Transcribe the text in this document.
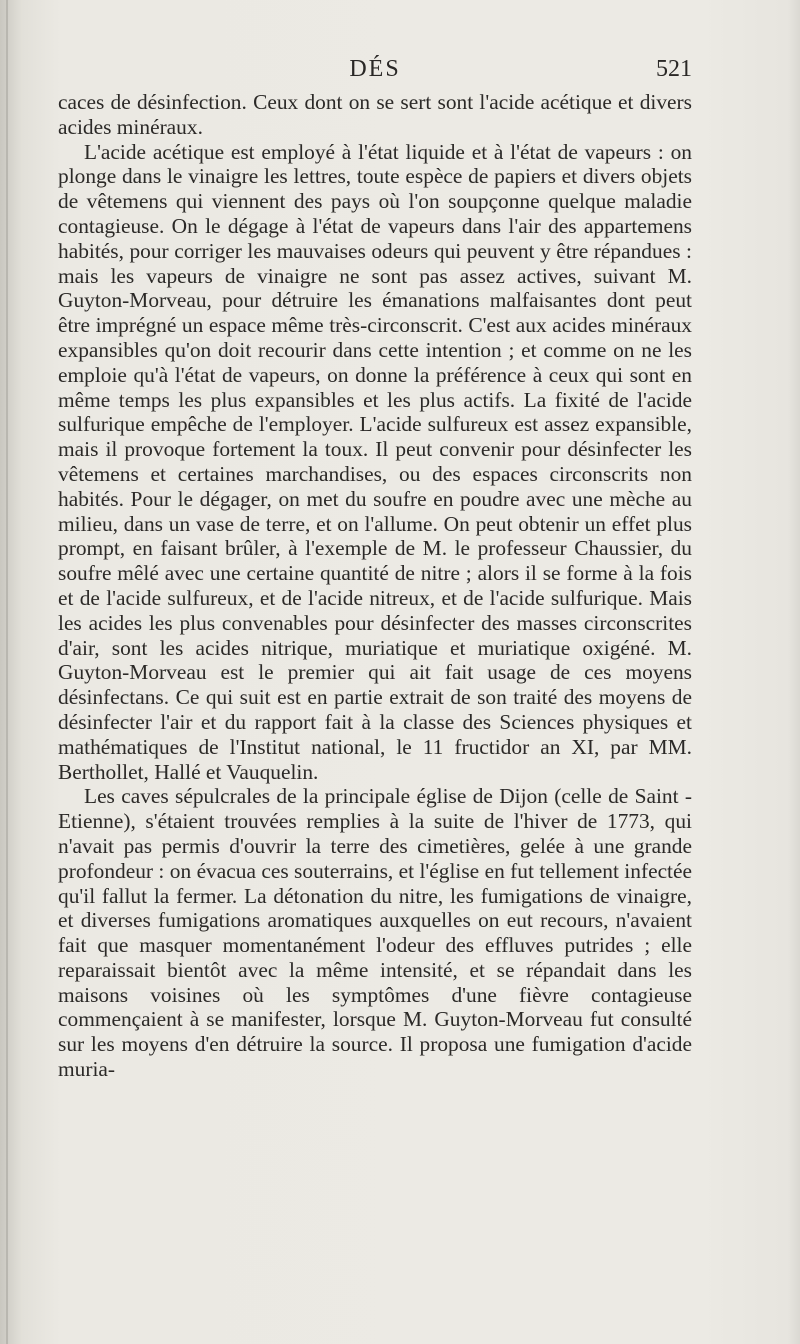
DÉS	521

caces de désinfection. Ceux dont on se sert sont l'acide acétique et divers acides minéraux.

L'acide acétique est employé à l'état liquide et à l'état de vapeurs : on plonge dans le vinaigre les lettres, toute espèce de papiers et divers objets de vêtemens qui viennent des pays où l'on soupçonne quelque maladie contagieuse. On le dégage à l'état de vapeurs dans l'air des appartemens habités, pour corriger les mauvaises odeurs qui peuvent y être répandues : mais les vapeurs de vinaigre ne sont pas assez actives, suivant M. Guyton-Morveau, pour détruire les émanations malfaisantes dont peut être imprégné un espace même très-circonscrit. C'est aux acides minéraux expansibles qu'on doit recourir dans cette intention ; et comme on ne les emploie qu'à l'état de vapeurs, on donne la préférence à ceux qui sont en même temps les plus expansibles et les plus actifs. La fixité de l'acide sulfurique empêche de l'employer. L'acide sulfureux est assez expansible, mais il provoque fortement la toux. Il peut convenir pour désinfecter les vêtemens et certaines marchandises, ou des espaces circonscrits non habités. Pour le dégager, on met du soufre en poudre avec une mèche au milieu, dans un vase de terre, et on l'allume. On peut obtenir un effet plus prompt, en faisant brûler, à l'exemple de M. le professeur Chaussier, du soufre mêlé avec une certaine quantité de nitre ; alors il se forme à la fois et de l'acide sulfureux, et de l'acide nitreux, et de l'acide sulfurique. Mais les acides les plus convenables pour désinfecter des masses circonscrites d'air, sont les acides nitrique, muriatique et muriatique oxigéné. M. Guyton-Morveau est le premier qui ait fait usage de ces moyens désinfectans. Ce qui suit est en partie extrait de son traité des moyens de désinfecter l'air et du rapport fait à la classe des Sciences physiques et mathématiques de l'Institut national, le 11 fructidor an XI, par MM. Berthollet, Hallé et Vauquelin.

Les caves sépulcrales de la principale église de Dijon (celle de Saint - Etienne), s'étaient trouvées remplies à la suite de l'hiver de 1773, qui n'avait pas permis d'ouvrir la terre des cimetières, gelée à une grande profondeur : on évacua ces souterrains, et l'église en fut tellement infectée qu'il fallut la fermer. La détonation du nitre, les fumigations de vinaigre, et diverses fumigations aromatiques auxquelles on eut recours, n'avaient fait que masquer momentanément l'odeur des effluves putrides ; elle reparaissait bientôt avec la même intensité, et se répandait dans les maisons voisines où les symptômes d'une fièvre contagieuse commençaient à se manifester, lorsque M. Guyton-Morveau fut consulté sur les moyens d'en détruire la source. Il proposa une fumigation d'acide muria-
